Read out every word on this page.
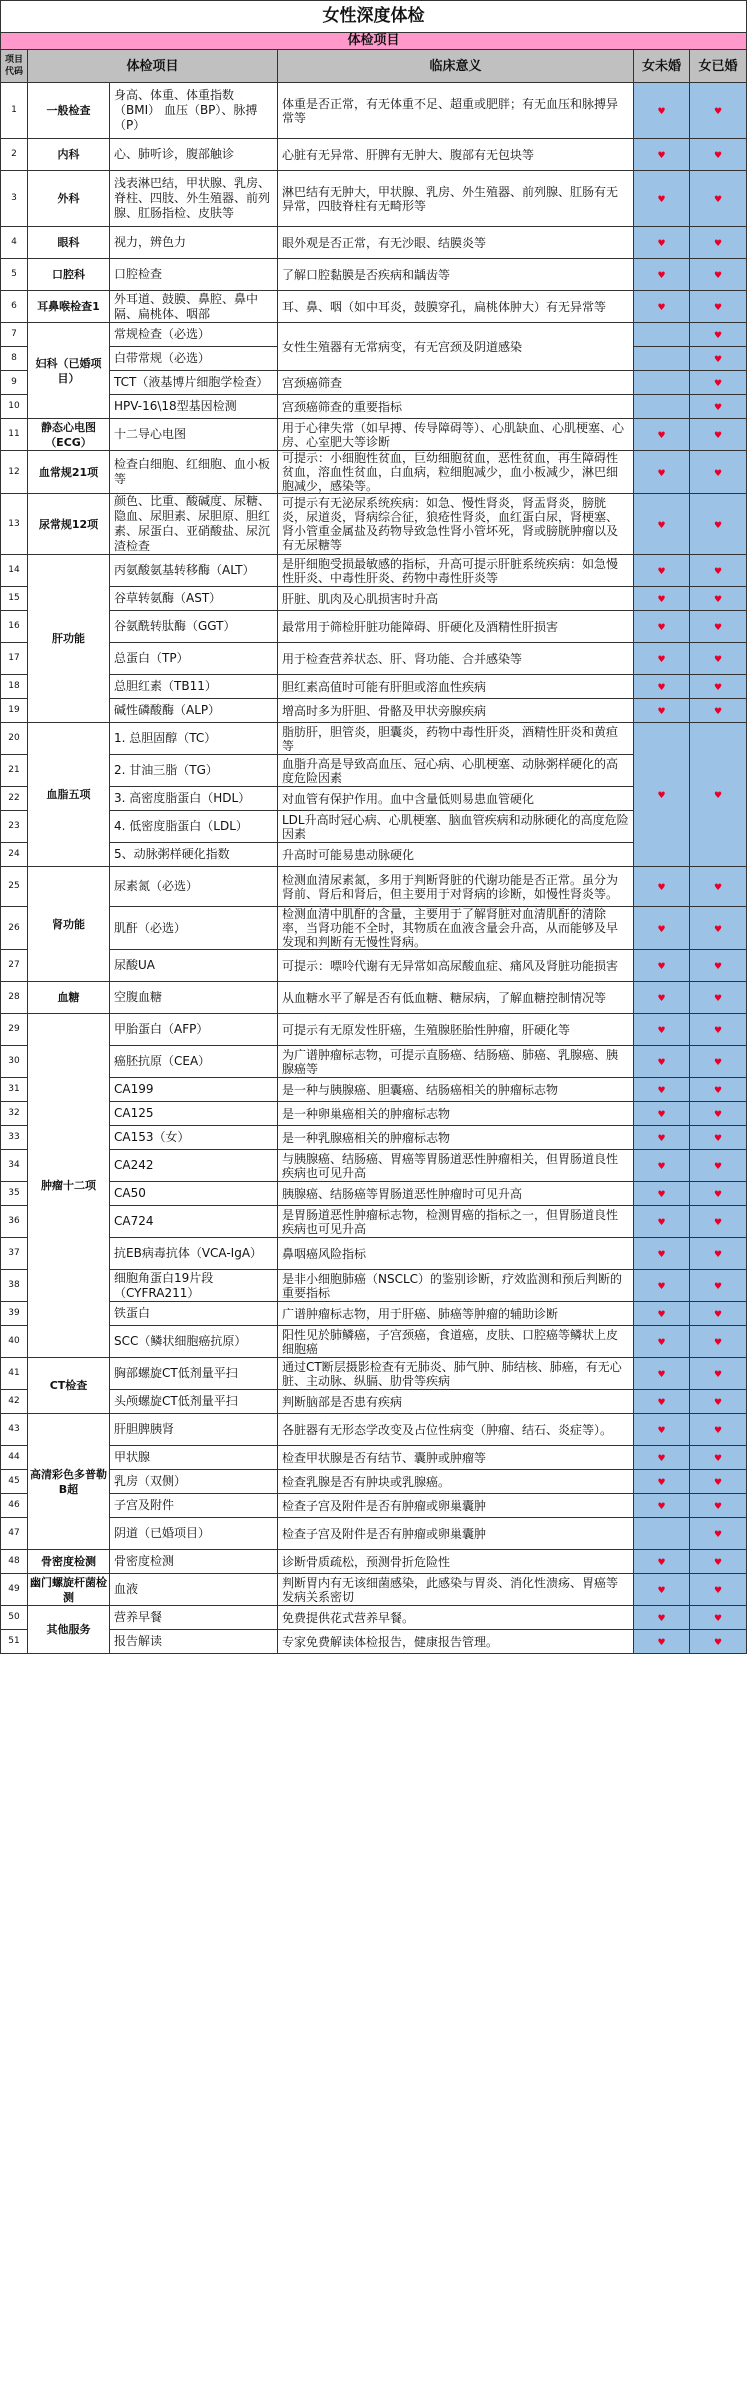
女性深度体检					
体检项目					
项目代码	体检项目		临床意义	女未婚	女已婚
1	一般检查	身高、体重、体重指数（BMI） 血压（BP）、脉搏（P）	体重是否正常，有无体重不足、超重或肥胖；有无血压和脉搏异常等	♥	♥
2	内科	心、肺听诊，腹部触诊	心脏有无异常、肝脾有无肿大、腹部有无包块等	♥	♥
3	外科	浅表淋巴结，甲状腺、乳房、脊柱、四肢、外生殖器、前列腺、肛肠指检、皮肤等	淋巴结有无肿大，甲状腺、乳房、外生殖器、前列腺、肛肠有无异常，四肢脊柱有无畸形等	♥	♥
4	眼科	视力，辨色力	眼外观是否正常，有无沙眼、结膜炎等	♥	♥
5	口腔科	口腔检查	了解口腔黏膜是否疾病和龋齿等	♥	♥
6	耳鼻喉检查1	外耳道、鼓膜、鼻腔、鼻中隔、扁桃体、咽部	耳、鼻、咽（如中耳炎，鼓膜穿孔，扁桃体肿大）有无异常等	♥	♥
7	妇科（已婚项目）	常规检查（必选）	女性生殖器有无常病变，有无宫颈及阴道感染		♥
8		白带常规（必选）			♥
9		TCT（液基博片细胞学检查）	宫颈癌筛查		♥
10		HPV-16\18型基因检测	宫颈癌筛查的重要指标		♥
11	静态心电图（ECG）	十二导心电图	用于心律失常（如早搏、传导障碍等）、心肌缺血、心肌梗塞、心房、心室肥大等诊断	♥	♥
12	血常规21项	检查白细胞、红细胞、血小板等	可提示：小细胞性贫血，巨幼细胞贫血，恶性贫血，再生障碍性贫血，溶血性贫血，白血病，粒细胞减少，血小板减少，淋巴细胞减少，感染等。	♥	♥
13	尿常规12项	颜色、比重、酸碱度、尿糖、隐血、尿胆素、尿胆原、胆红素、尿蛋白、亚硝酸盐、尿沉渣检查	可提示有无泌尿系统疾病：如急、慢性肾炎，肾盂肾炎，膀胱炎，尿道炎，肾病综合征，狼疮性肾炎，血红蛋白尿，肾梗塞、肾小管重金属盐及药物导致急性肾小管坏死，肾或膀胱肿瘤以及有无尿糖等	♥	♥
14	肝功能	丙氨酸氨基转移酶（ALT）	是肝细胞受损最敏感的指标，升高可提示肝脏系统疾病：如急慢性肝炎、中毒性肝炎、药物中毒性肝炎等	♥	♥
15		谷草转氨酶（AST）	肝脏、肌肉及心肌损害时升高	♥	♥
16		谷氨酰转肽酶（GGT）	最常用于筛检肝脏功能障碍、肝硬化及酒精性肝损害	♥	♥
17		总蛋白（TP）	用于检查营养状态、肝、肾功能、合并感染等	♥	♥
18		总胆红素（TB11）	胆红素高值时可能有肝胆或溶血性疾病	♥	♥
19		碱性磷酸酶（ALP）	增高时多为肝胆、骨骼及甲状旁腺疾病	♥	♥
20	血脂五项	1. 总胆固醇（TC）	脂肪肝，胆管炎，胆囊炎，药物中毒性肝炎，酒精性肝炎和黄疸等	♥	♥
21		2. 甘油三脂（TG）	血脂升高是导致高血压、冠心病、心肌梗塞、动脉粥样硬化的高度危险因素		
22		3. 高密度脂蛋白（HDL）	对血管有保护作用。血中含量低则易患血管硬化		
23		4. 低密度脂蛋白（LDL）	LDL升高时冠心病、心肌梗塞、脑血管疾病和动脉硬化的高度危险因素		
24		5、动脉粥样硬化指数	升高时可能易患动脉硬化		
25	肾功能	尿素氮（必选）	检测血清尿素氮，多用于判断肾脏的代谢功能是否正常。虽分为肾前、肾后和肾后，但主要用于对肾病的诊断，如慢性肾炎等。	♥	♥
26		肌酐（必选）	检测血清中肌酐的含量，主要用于了解肾脏对血清肌酐的清除率，当肾功能不全时，其物质在血液含量会升高，从而能够及早发现和判断有无慢性肾病。	♥	♥
27		尿酸UA	可提示：嘌呤代谢有无异常如高尿酸血症、痛风及肾脏功能损害	♥	♥
28	血糖	空腹血糖	从血糖水平了解是否有低血糖、糖尿病，了解血糖控制情况等	♥	♥
29	肿瘤十二项	甲胎蛋白（AFP）	可提示有无原发性肝癌，生殖腺胚胎性肿瘤，肝硬化等	♥	♥
30		癌胚抗原（CEA）	为广谱肿瘤标志物，可提示直肠癌、结肠癌、肺癌、乳腺癌、胰腺癌等	♥	♥
31		CA199	是一种与胰腺癌、胆囊癌、结肠癌相关的肿瘤标志物	♥	♥
32		CA125	是一种卵巢癌相关的肿瘤标志物	♥	♥
33		CA153（女）	是一种乳腺癌相关的肿瘤标志物	♥	♥
34		CA242	与胰腺癌、结肠癌、胃癌等胃肠道恶性肿瘤相关，但胃肠道良性疾病也可见升高	♥	♥
35		CA50	胰腺癌、结肠癌等胃肠道恶性肿瘤时可见升高	♥	♥
36		CA724	是胃肠道恶性肿瘤标志物，检测胃癌的指标之一，但胃肠道良性疾病也可见升高	♥	♥
37		抗EB病毒抗体（VCA-IgA）	鼻咽癌风险指标	♥	♥
38		细胞角蛋白19片段（CYFRA211）	是非小细胞肺癌（NSCLC）的鉴别诊断，疗效监测和预后判断的重要指标	♥	♥
39		铁蛋白	广谱肿瘤标志物，用于肝癌、肺癌等肿瘤的辅助诊断	♥	♥
40		SCC（鳞状细胞癌抗原）	阳性见於肺鳞癌，子宫颈癌，食道癌，皮肤、口腔癌等鳞状上皮细胞癌	♥	♥
41	CT检查	胸部螺旋CT低剂量平扫	通过CT断层摄影检查有无肺炎、肺气肿、肺结核、肺癌，有无心脏、主动脉、纵膈、肋骨等疾病	♥	♥
42		头颅螺旋CT低剂量平扫	判断脑部是否患有疾病	♥	♥
43	高清彩色多普勒B超	肝胆脾胰肾	各脏器有无形态学改变及占位性病变（肿瘤、结石、炎症等）。	♥	♥
44		甲状腺	检查甲状腺是否有结节、囊肿或肿瘤等	♥	♥
45		乳房（双侧）	检查乳腺是否有肿块或乳腺癌。	♥	♥
46		子宫及附件	检查子宫及附件是否有肿瘤或卵巢囊肿	♥	♥
47		阴道（已婚项目）	检查子宫及附件是否有肿瘤或卵巢囊肿		♥
48	骨密度检测	骨密度检测	诊断骨质疏松，预测骨折危险性	♥	♥
49	幽门螺旋杆菌检测	血液	判断胃内有无该细菌感染，此感染与胃炎、消化性溃疡、胃癌等发病关系密切	♥	♥
50	其他服务	营养早餐	免费提供花式营养早餐。	♥	♥
51		报告解读	专家免费解读体检报告，健康报告管理。	♥	♥
